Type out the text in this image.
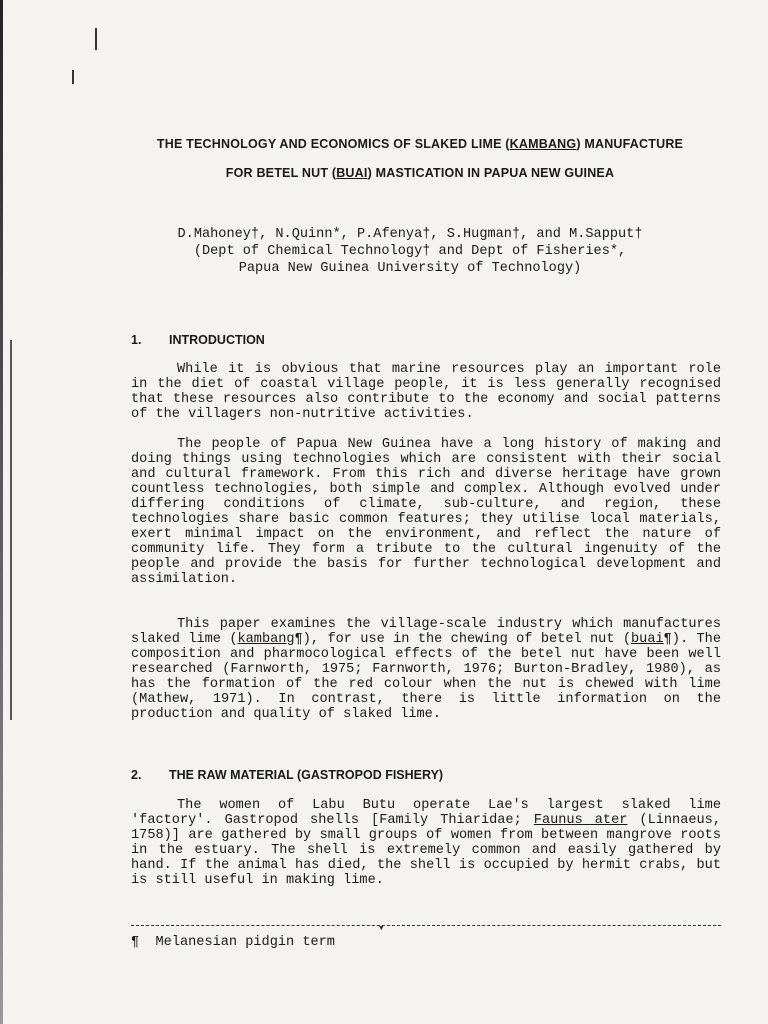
THE TECHNOLOGY AND ECONOMICS OF SLAKED LIME (KAMBANG) MANUFACTURE
FOR BETEL NUT (BUAI) MASTICATION IN PAPUA NEW GUINEA
D.Mahoney†, N.Quinn*, P.Afenya†, S.Hugman†, and M.Sapput†
(Dept of Chemical Technology† and Dept of Fisheries*,
Papua New Guinea University of Technology)
1. INTRODUCTION

While it is obvious that marine resources play an important role in the diet of coastal village people, it is less generally recognised that these resources also contribute to the economy and social patterns of the villagers non-nutritive activities.

The people of Papua New Guinea have a long history of making and doing things using technologies which are consistent with their social and cultural framework. From this rich and diverse heritage have grown countless technologies, both simple and complex. Although evolved under differing conditions of climate, sub-culture, and region, these technologies share basic common features; they utilise local materials, exert minimal impact on the environment, and reflect the nature of community life. They form a tribute to the cultural ingenuity of the people and provide the basis for further technological development and assimilation.

This paper examines the village-scale industry which manufactures slaked lime (kambang¶), for use in the chewing of betel nut (buai¶). The composition and pharmocological effects of the betel nut have been well researched (Farnworth, 1975; Farnworth, 1976; Burton-Bradley, 1980), as has the formation of the red colour when the nut is chewed with lime (Mathew, 1971). In contrast, there is little information on the production and quality of slaked lime.

2. THE RAW MATERIAL (GASTROPOD FISHERY)

The women of Labu Butu operate Lae's largest slaked lime 'factory'. Gastropod shells [Family Thiaridae; Faunus ater (Linnaeus, 1758)] are gathered by small groups of women from between mangrove roots in the estuary. The shell is extremely common and easily gathered by hand. If the animal has died, the shell is occupied by hermit crabs, but is still useful in making lime.

▾
¶ Melanesian pidgin term
